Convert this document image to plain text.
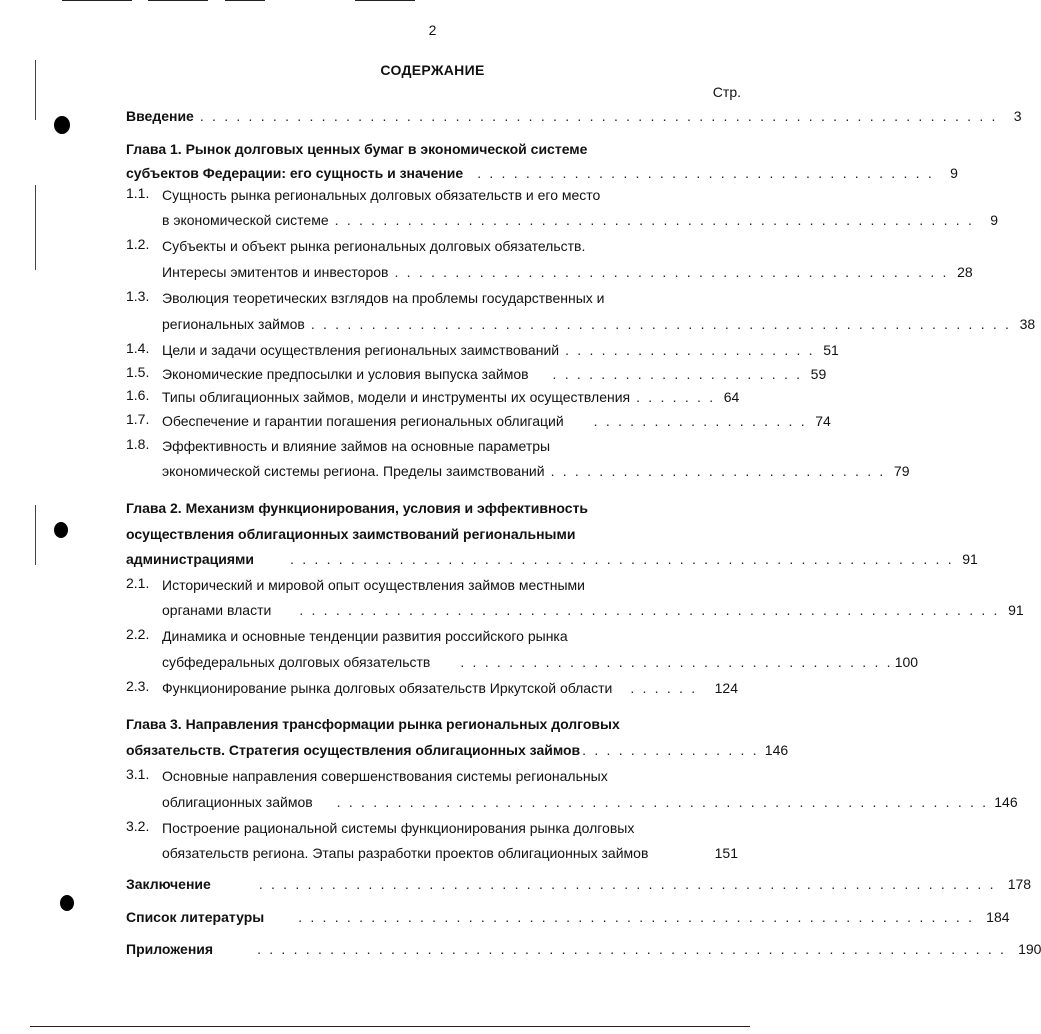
2
СОДЕРЖАНИЕ
Стр.
Введение . . . . . . . . . . . . . . . . . . . . . . . . . . . . . . . . . . . . . . . . . . . . . . . . . . . . . . . . . . . . . . . . . .	3
Глава 1. Рынок долговых ценных бумаг в экономической системе
субъектов Федерации: его сущность и значение . . . . . . . . . . . . . . . . . . . . . . . . . . . . . . . . . . . . . .	9
1.1. Сущность рынка региональных долговых обязательств и его место
в экономической системе . . . . . . . . . . . . . . . . . . . . . . . . . . . . . . . . . . . . . . . . . . . . . . . . . . . . .	9
1.2. Субъекты и объект рынка региональных долговых обязательств.
Интересы эмитентов и инвесторов . . . . . . . . . . . . . . . . . . . . . . . . . . . . . . . . . . . . . . . . . . . . . . 28
1.3. Эволюция теоретических взглядов на проблемы государственных и
региональных займов . . . . . . . . . . . . . . . . . . . . . . . . . . . . . . . . . . . . . . . . . . . . . . . . . . . . . . . . . . 38
1.4. Цели и задачи осуществления региональных заимствований . . . . . . . . . . . . . . . . . . . . . 51
1.5. Экономические предпосылки и условия выпуска займов . . . . . . . . . . . . . . . . . . . . . 59
1.6. Типы облигационных займов, модели и инструменты их осуществления . . . . . . . 64
1.7. Обеспечение и гарантии погашения региональных облигаций . . . . . . . . . . . . . . . . . . 74
1.8. Эффективность и влияние займов на основные параметры
экономической системы региона. Пределы заимствований . . . . . . . . . . . . . . . . . . . . . . . . . . . . 79
Глава 2. Механизм функционирования, условия и эффективность
осуществления облигационных заимствований региональными
администрациями	. . . . . . . . . . . . . . . . . . . . . . . . . . . . . . . . . . . . . . . . . . . . . . . . . . . . . . . 91
2.1. Исторический и мировой опыт осуществления займов местными
органами власти . . . . . . . . . . . . . . . . . . . . . . . . . . . . . . . . . . . . . . . . . . . . . . . . . . . . . . . . . . 91
2.2. Динамика и основные тенденции развития российского рынка
субфедеральных долговых обязательств . . . . . . . . . . . . . . . . . . . . . . . . . . . . . . . . . . . . 100
2.3. Функционирование рынка долговых обязательств Иркутской области . . . . . .	124
Глава 3. Направления трансформации рынка региональных долговых
обязательств. Стратегия осуществления облигационных займов . . . . . . . . . . . . . . . 146
3.1. Основные направления совершенствования системы региональных
облигационных займов . . . . . . . . . . . . . . . . . . . . . . . . . . . . . . . . . . . . . . . . . . . . . . . . . . . . . . 146
3.2. Построение рациональной системы функционирования рынка долговых
обязательств региона. Этапы разработки проектов облигационных займов	151
Заключение	. . . . . . . . . . . . . . . . . . . . . . . . . . . . . . . . . . . . . . . . . . . . . . . . . . . . . . . . . . . . . 178
Список литературы . . . . . . . . . . . . . . . . . . . . . . . . . . . . . . . . . . . . . . . . . . . . . . . . . . . . . . . . 184
Приложения	. . . . . . . . . . . . . . . . . . . . . . . . . . . . . . . . . . . . . . . . . . . . . . . . . . . . . . . . . . . . . . 190
